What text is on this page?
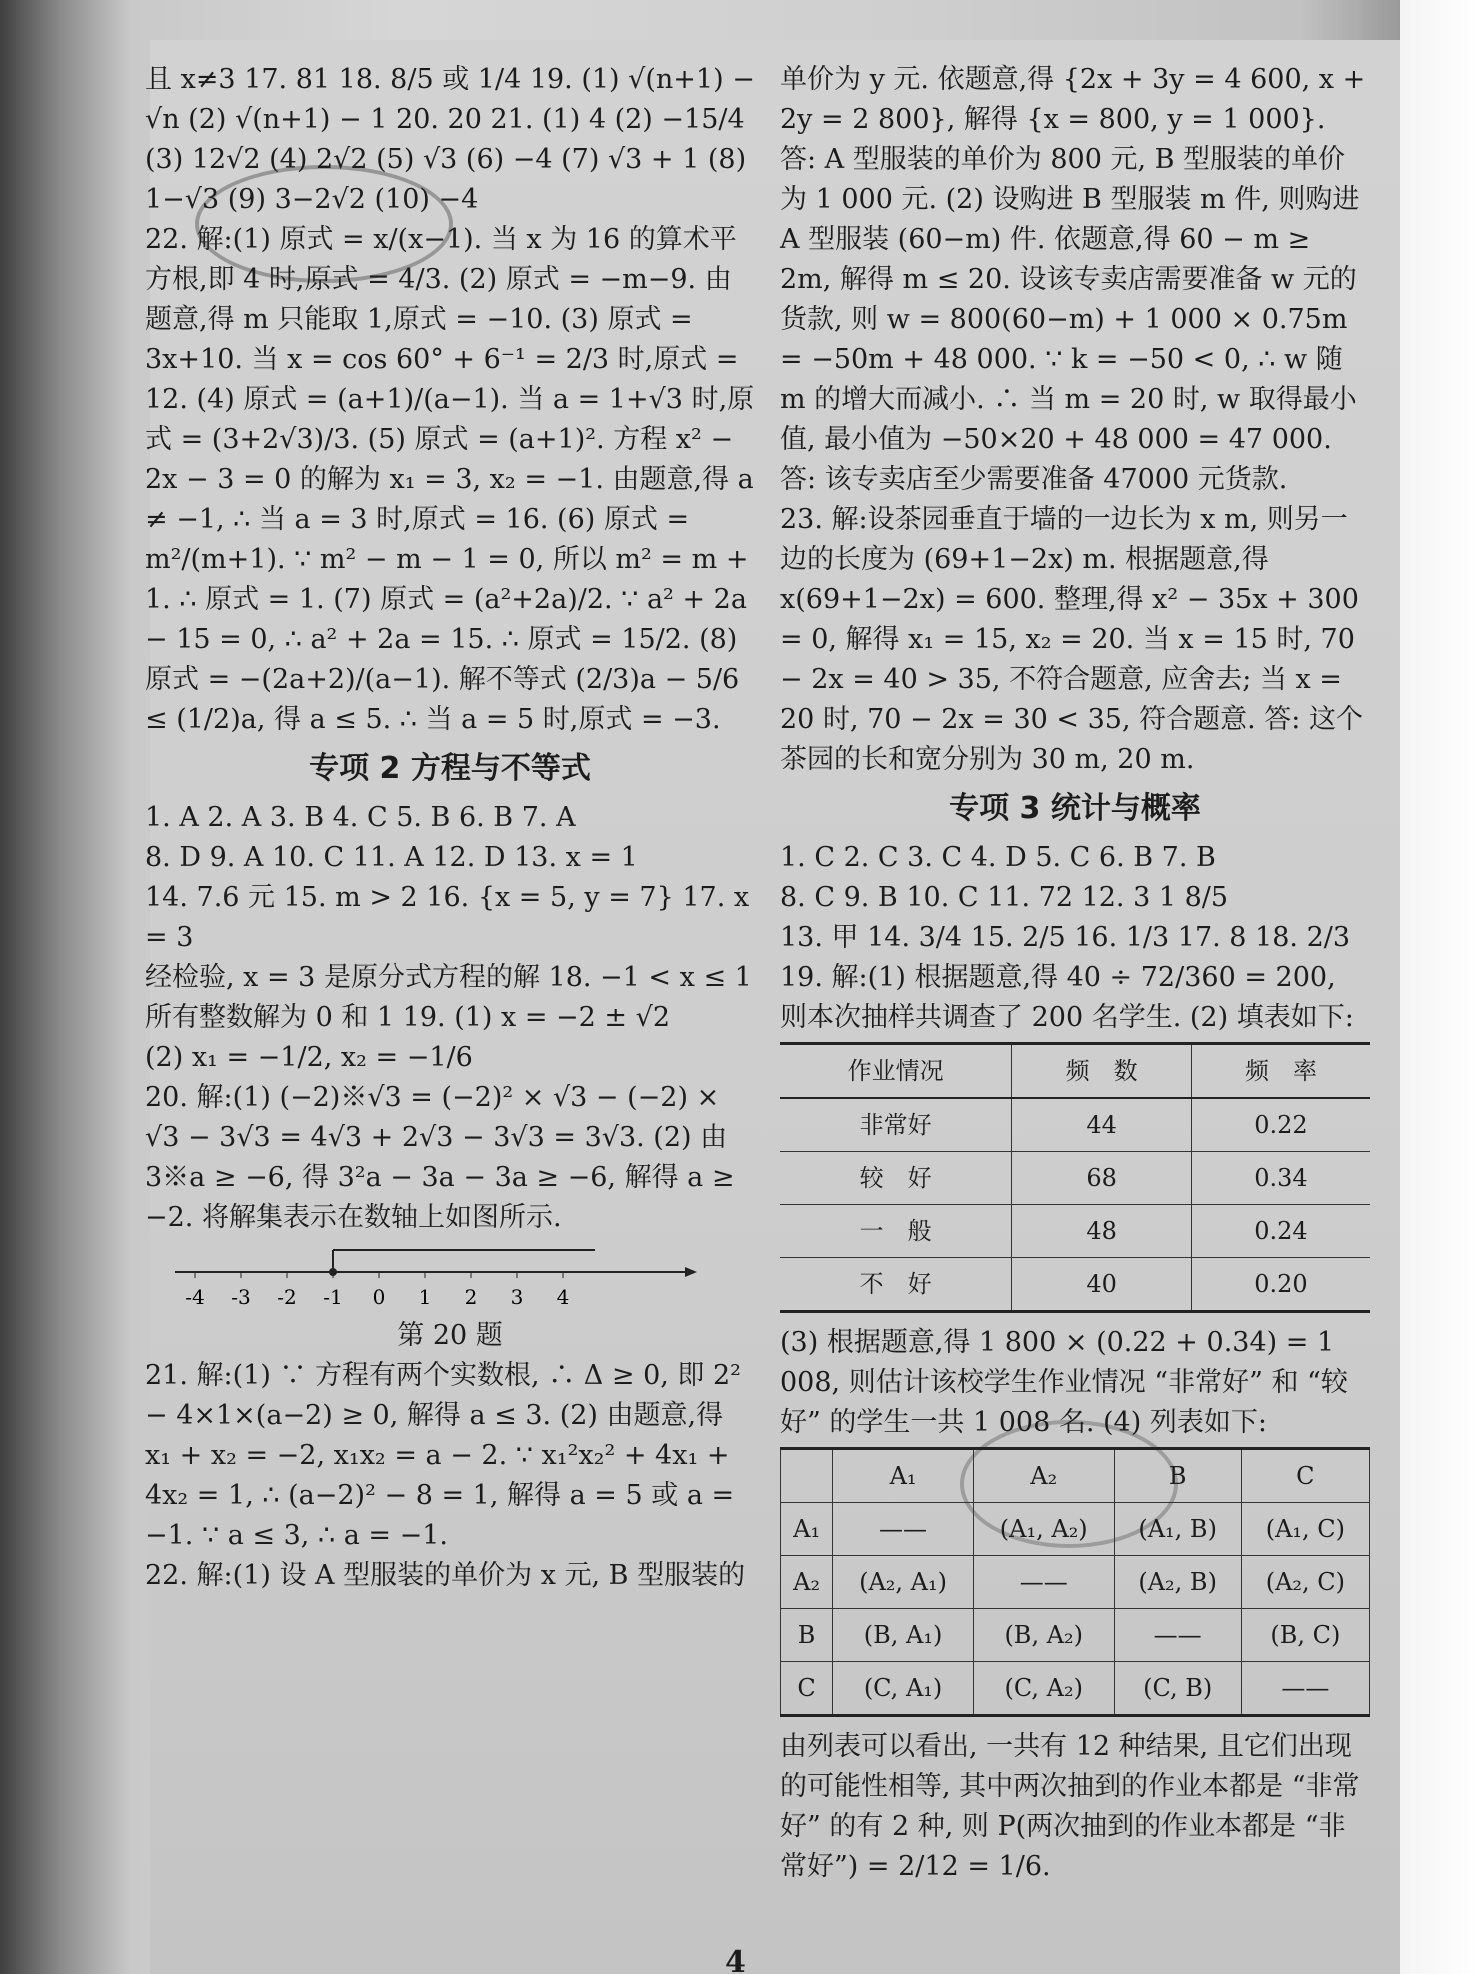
且 x≠3 17. 81 18. 8/5 或 1/4 19. (1) √(n+1) − √n (2) √(n+1) − 1 20. 20 21. (1) 4 (2) −15/4

(3) 12√2 (4) 2√2 (5) √3 (6) −4 (7) √3 + 1 (8) 1−√3 (9) 3−2√2 (10) −4

22. 解:(1) 原式 = x/(x−1). 当 x 为 16 的算术平方根,即 4 时,原式 = 4/3. (2) 原式 = −m−9. 由题意,得 m 只能取 1,原式 = −10. (3) 原式 = 3x+10. 当 x = cos 60° + 6⁻¹ = 2/3 时,原式 = 12. (4) 原式 = (a+1)/(a−1). 当 a = 1+√3 时,原式 = (3+2√3)/3. (5) 原式 = (a+1)². 方程 x² − 2x − 3 = 0 的解为 x₁ = 3, x₂ = −1. 由题意,得 a ≠ −1, ∴ 当 a = 3 时,原式 = 16. (6) 原式 = m²/(m+1). ∵ m² − m − 1 = 0, 所以 m² = m + 1. ∴ 原式 = 1. (7) 原式 = (a²+2a)/2. ∵ a² + 2a − 15 = 0, ∴ a² + 2a = 15. ∴ 原式 = 15/2. (8) 原式 = −(2a+2)/(a−1). 解不等式 (2/3)a − 5/6 ≤ (1/2)a, 得 a ≤ 5. ∴ 当 a = 5 时,原式 = −3.

专项 2 方程与不等式

1. A 2. A 3. B 4. C 5. B 6. B 7. A

8. D 9. A 10. C 11. A 12. D 13. x = 1

14. 7.6 元 15. m > 2 16. {x = 5, y = 7} 17. x = 3

经检验, x = 3 是原分式方程的解 18. −1 < x ≤ 1 所有整数解为 0 和 1 19. (1) x = −2 ± √2

(2) x₁ = −1/2, x₂ = −1/6

20. 解:(1) (−2)※√3 = (−2)² × √3 − (−2) × √3 − 3√3 = 4√3 + 2√3 − 3√3 = 3√3. (2) 由 3※a ≥ −6, 得 3²a − 3a − 3a ≥ −6, 解得 a ≥ −2. 将解集表示在数轴上如图所示.

-4 -3 -2 -1 0 1 2 3 4

第 20 题

21. 解:(1) ∵ 方程有两个实数根, ∴ Δ ≥ 0, 即 2² − 4×1×(a−2) ≥ 0, 解得 a ≤ 3. (2) 由题意,得 x₁ + x₂ = −2, x₁x₂ = a − 2. ∵ x₁²x₂² + 4x₁ + 4x₂ = 1, ∴ (a−2)² − 8 = 1, 解得 a = 5 或 a = −1. ∵ a ≤ 3, ∴ a = −1.

22. 解:(1) 设 A 型服装的单价为 x 元, B 型服装的

单价为 y 元. 依题意,得 {2x + 3y = 4 600, x + 2y = 2 800}, 解得 {x = 800, y = 1 000}. 答: A 型服装的单价为 800 元, B 型服装的单价为 1 000 元. (2) 设购进 B 型服装 m 件, 则购进 A 型服装 (60−m) 件. 依题意,得 60 − m ≥ 2m, 解得 m ≤ 20. 设该专卖店需要准备 w 元的货款, 则 w = 800(60−m) + 1 000 × 0.75m = −50m + 48 000. ∵ k = −50 < 0, ∴ w 随 m 的增大而减小. ∴ 当 m = 20 时, w 取得最小值, 最小值为 −50×20 + 48 000 = 47 000. 答: 该专卖店至少需要准备 47000 元货款.

23. 解:设茶园垂直于墙的一边长为 x m, 则另一边的长度为 (69+1−2x) m. 根据题意,得 x(69+1−2x) = 600. 整理,得 x² − 35x + 300 = 0, 解得 x₁ = 15, x₂ = 20. 当 x = 15 时, 70 − 2x = 40 > 35, 不符合题意, 应舍去; 当 x = 20 时, 70 − 2x = 30 < 35, 符合题意. 答: 这个茶园的长和宽分别为 30 m, 20 m.

专项 3 统计与概率

1. C 2. C 3. C 4. D 5. C 6. B 7. B

8. C 9. B 10. C 11. 72 12. 3 1 8/5

13. 甲 14. 3/4 15. 2/5 16. 1/3 17. 8 18. 2/3

19. 解:(1) 根据题意,得 40 ÷ 72/360 = 200, 则本次抽样共调查了 200 名学生. (2) 填表如下:

作业情况	频　数	频　率
非常好	44	0.22
较　好	68	0.34
一　般	48	0.24
不　好	40	0.20

(3) 根据题意,得 1 800 × (0.22 + 0.34) = 1 008, 则估计该校学生作业情况 “非常好” 和 “较好” 的学生一共 1 008 名. (4) 列表如下:

	A₁	A₂	B	C
A₁	——	(A₁, A₂)	(A₁, B)	(A₁, C)
A₂	(A₂, A₁)	——	(A₂, B)	(A₂, C)
B	(B, A₁)	(B, A₂)	——	(B, C)
C	(C, A₁)	(C, A₂)	(C, B)	——

由列表可以看出, 一共有 12 种结果, 且它们出现的可能性相等, 其中两次抽到的作业本都是 “非常好” 的有 2 种, 则 P(两次抽到的作业本都是 “非常好”) = 2/12 = 1/6.

4
